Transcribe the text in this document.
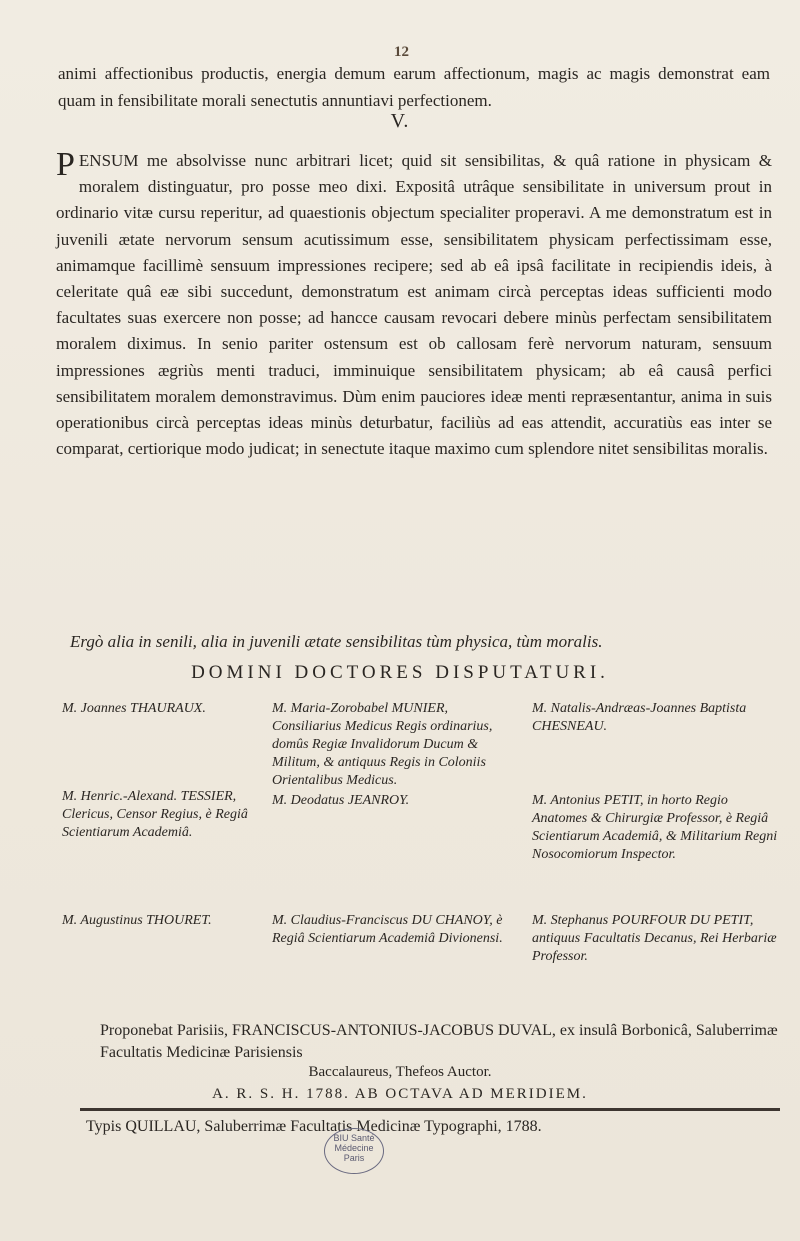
12
animi affectionibus productis, energia demum earum affectionum, magis ac magis demonstrat eam quam in fensibilitate morali senectutis annuntiavi perfectionem.
V.
P ENSUM me absolvisse nunc arbitrari licet; quid sit sensibilitas, & quâ ratione in physicam & moralem distinguatur, pro posse meo dixi. Expositâ utrâque sensibilitate in universum prout in ordinario vitæ cursu reperitur, ad quaestionis objectum specialiter properavi. A me demonstratum est in juvenili ætate nervorum sensum acutissimum esse, sensibilitatem physicam perfectissimam esse, animamque facillimè sensuum impressiones recipere; sed ab eâ ipsâ facilitate in recipiendis ideis, à celeritate quâ eæ sibi succedunt, demonstratum est animam circà perceptas ideas sufficienti modo facultates suas exercere non posse; ad hancce causam revocari debere minùs perfectam sensibilitatem moralem diximus. In senio pariter ostensum est ob callosam ferè nervorum naturam, sensuum impressiones ægriùs menti traduci, imminuique sensibilitatem physicam; ab eâ causâ perfici sensibilitatem moralem demonstravimus. Dùm enim pauciores ideæ menti repræsentantur, anima in suis operationibus circà perceptas ideas minùs deturbatur, faciliùs ad eas attendit, accuratiùs eas inter se comparat, certiorique modo judicat; in senectute itaque maximo cum splendore nitet sensibilitas moralis.
Ergò alia in senili, alia in juvenili ætate sensibilitas tùm physica, tùm moralis.
DOMINI DOCTORES DISPUTATURI.
M. Joannes THAURAUX.
M. Henric.-Alexand. TESSIER, Clericus, Censor Regius, è Regiâ Scientiarum Academiâ.
M. Augustinus THOURET.
M. Maria-Zorobabel MUNIER, Consiliarius Medicus Regis ordinarius, domûs Regiæ Invalidorum Ducum & Militum, & antiquus Regis in Coloniis Orientalibus Medicus.
M. Deodatus JEANROY.
M. Claudius-Franciscus DU CHANOY, è Regiâ Scientiarum Academiâ Divionensi.
M. Natalis-Andræas-Joannes Baptista CHESNEAU.
M. Antonius PETIT, in horto Regio Anatomes & Chirurgiæ Professor, è Regiâ Scientiarum Academiâ, & Militarium Regni Nosocomiorum Inspector.
M. Stephanus POURFOUR DU PETIT, antiquus Facultatis Decanus, Rei Herbariæ Professor.
Proponebat Parisiis, FRANCISCUS-ANTONIUS-JACOBUS DUVAL, ex insulâ Borbonicâ, Saluberrimæ Facultatis Medicinæ Parisiensis
Baccalaureus, Thefeos Auctor.
A. R. S. H. 1788. AB OCTAVA AD MERIDIEM.
Typis QUILLAU, Saluberrimæ Facultatis Medicinæ Typographi, 1788.
BIU Santé Médecine Paris
